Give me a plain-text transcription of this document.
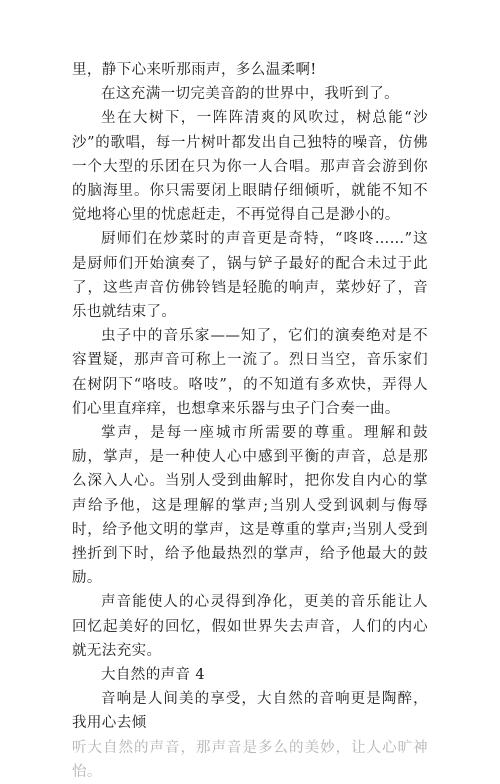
里，静下心来听那雨声，多么温柔啊!

在这充满一切完美音韵的世界中，我听到了。

坐在大树下，一阵阵清爽的风吹过，树总能“沙沙”的歌唱，每一片树叶都发出自己独特的噪音，仿佛一个大型的乐团在只为你一人合唱。那声音会游到你的脑海里。你只需要闭上眼睛仔细倾听，就能不知不觉地将心里的忧虑赶走，不再觉得自己是渺小的。

厨师们在炒菜时的声音更是奇特，“咚咚……”这是厨师们开始演奏了，锅与铲子最好的配合未过于此了，这些声音仿佛铃铛是轻脆的响声，菜炒好了，音乐也就结束了。

虫子中的音乐家——知了，它们的演奏绝对是不容置疑，那声音可称上一流了。烈日当空，音乐家们在树阴下“咯吱。咯吱”，的不知道有多欢快，弄得人们心里直痒痒，也想拿来乐器与虫子门合奏一曲。

掌声，是每一座城市所需要的尊重。理解和鼓励，掌声，是一种使人心中感到平衡的声音，总是那么深入人心。当别人受到曲解时，把你发自内心的掌声给予他，这是理解的掌声;当别人受到讽刺与侮辱时，给予他文明的掌声，这是尊重的掌声;当别人受到挫折到下时，给予他最热烈的掌声，给予他最大的鼓励。

声音能使人的心灵得到净化，更美的音乐能让人回忆起美好的回忆，假如世界失去声音，人们的内心就无法充实。

大自然的声音 4

音响是人间美的享受，大自然的音响更是陶醉，我用心去倾

听大自然的声音，那声音是多么的美妙，让人心旷神怡。
